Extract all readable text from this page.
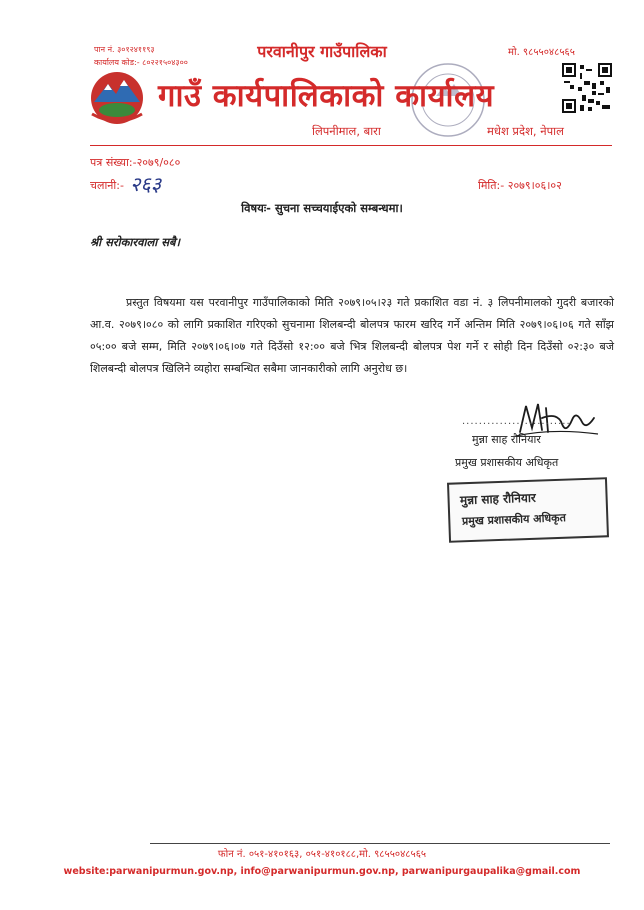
पान नं. ३०१२४११९३
कार्यालय कोड:- ८०२२१५०४३००
परवानीपुर गाउँपालिका
गाउँ कार्यपालिकाको कार्यालय
लिपनीमाल, बारा	मधेश प्रदेश, नेपाल
मो. ९८५५०४८५६५
पत्र संख्या:-२०७९/०८०
चलानी:- २६३	मिति:- २०७९।०६।०२
विषयः- सुचना सच्चयाईएको सम्बन्धमा।
श्री सरोकारवाला सबै।
प्रस्तुत विषयमा यस परवानीपुर गाउँपालिकाको मिति २०७९।०५।२३ गते प्रकाशित वडा नं. ३ लिपनीमालको गुदरी बजारको आ.व. २०७९।०८० को लागि प्रकाशित गरिएको सुचनामा शिलबन्दी बोलपत्र फारम खरिद गर्ने अन्तिम मिति २०७९।०६।०६ गते साँझ ०५:०० बजे सम्म, मिति २०७९।०६।०७ गते दिउँसो १२:०० बजे भित्र शिलबन्दी बोलपत्र पेश गर्ने र सोही दिन दिउँसो ०२:३० बजे शिलबन्दी बोलपत्र खिलिने व्यहोरा सम्बन्धित सबैमा जानकारीको लागि अनुरोध छ।
..........................
मुन्ना साह रौनियार
प्रमुख प्रशासकीय अधिकृत
मुन्ना साह रौनियार
प्रमुख प्रशासकीय अधिकृत
फोन नं. ०५१-४१०१६३, ०५१-४१०१८८,मो. ९८५५०४८५६५
website:parwanipurmun.gov.np, info@parwanipurmun.gov.np, parwanipurgaupalika@gmail.com
